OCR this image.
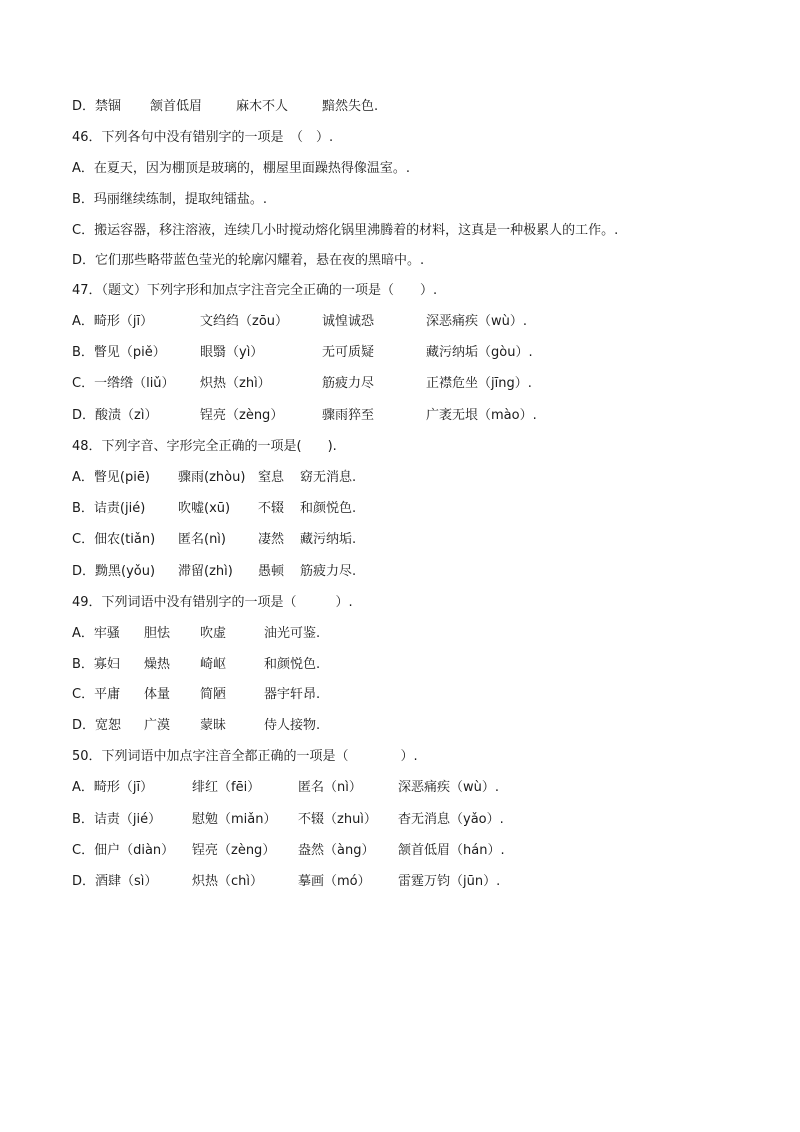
D．禁锢 颔首低眉	麻木不人	黯然失色.
46．下列各句中没有错别字的一项是　（　）.
A．在夏天，因为棚顶是玻璃的，棚屋里面躁热得像温室。.
B．玛丽继续练制，提取纯镭盐。.
C．搬运容器，移注溶液，连续几小时搅动熔化锅里沸腾着的材料，这真是一种极累人的工作。.
D．它们那些略带蓝色莹光的轮廓闪耀着，悬在夜的黑暗中。.
47．（题文）下列字形和加点字注音完全正确的一项是（　　）.
A．畸形（jī）	文绉绉（zōu）	诚惶诚恐	深恶痛疾（wù）.
B．瞥见（piě）	眼翳（yì）	无可质疑	藏污纳垢（gòu）.
C．一绺绺（liǔ） 炽热（zhì）	筋疲力尽	正襟危坐（jīng）.
D．酸渍（zì）	锃亮（zèng）	骤雨猝至	广袤无垠（mào）.
48．下列字音、字形完全正确的一项是(　　).
A．瞥见(piē) 骤雨(zhòu) 窒息 窈无消息.
B．诘责(jié)	吹嘘(xū) 不辍 和颜悦色.
C．佃农(tiǎn) 匿名(nì) 凄然 藏污纳垢.
D．黝黑(yǒu) 滞留(zhì) 愚顿 筋疲力尽.
49．下列词语中没有错别字的一项是（　　　）.
A．牢骚 胆怯 吹虚	油光可鉴.
B．寡妇 燥热 崎岖	和颜悦色.
C．平庸 体量 简陋	器宇轩昂.
D．宽恕 广漠 蒙昧	侍人接物.
50．下列词语中加点字注音全都正确的一项是（　　　　）.
A．畸形（jī）	绯红（fēi）	匿名（nì）	深恶痛疾（wù）.
B．诘责（jié） 慰勉（miǎn） 不辍（zhuì） 杳无消息（yǎo）.
C．佃户（diàn） 锃亮（zèng） 盎然（àng） 颔首低眉（hán）.
D．酒肆（sì）	炽热（chì）	摹画（mó） 雷霆万钧（jūn）.
